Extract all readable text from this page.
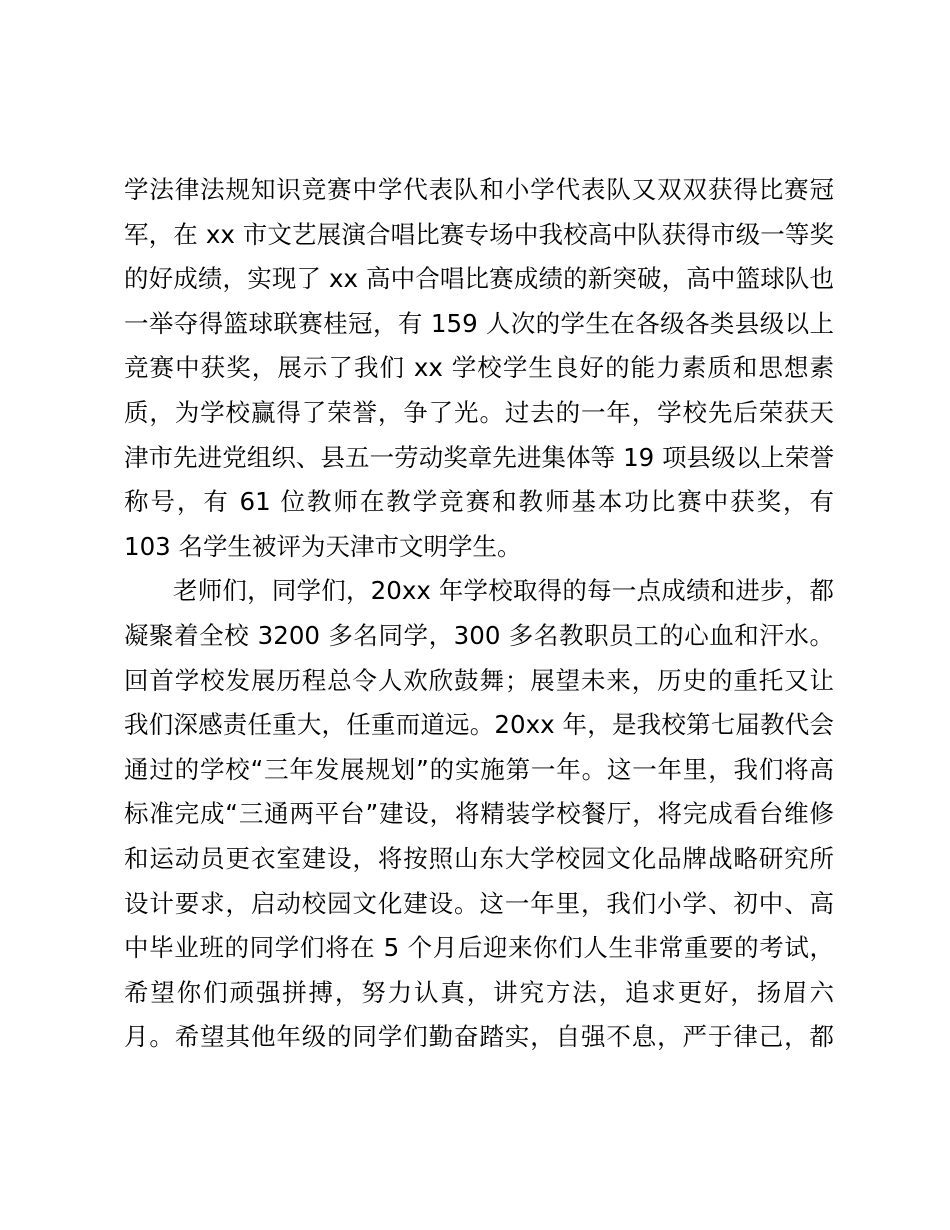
学法律法规知识竞赛中学代表队和小学代表队又双双获得比赛冠
军，在 xx 市文艺展演合唱比赛专场中我校高中队获得市级一等奖
的好成绩，实现了 xx 高中合唱比赛成绩的新突破，高中篮球队也
一举夺得篮球联赛桂冠，有 159 人次的学生在各级各类县级以上
竞赛中获奖，展示了我们 xx 学校学生良好的能力素质和思想素
质，为学校赢得了荣誉，争了光。过去的一年，学校先后荣获天
津市先进党组织、县五一劳动奖章先进集体等 19 项县级以上荣誉
称号，有 61 位教师在教学竞赛和教师基本功比赛中获奖，有
103 名学生被评为天津市文明学生。
老师们，同学们，20xx 年学校取得的每一点成绩和进步，都
凝聚着全校 3200 多名同学，300 多名教职员工的心血和汗水。
回首学校发展历程总令人欢欣鼓舞；展望未来，历史的重托又让
我们深感责任重大，任重而道远。20xx 年，是我校第七届教代会
通过的学校“三年发展规划”的实施第一年。这一年里，我们将高
标准完成“三通两平台”建设，将精装学校餐厅，将完成看台维修
和运动员更衣室建设，将按照山东大学校园文化品牌战略研究所
设计要求，启动校园文化建设。这一年里，我们小学、初中、高
中毕业班的同学们将在 5 个月后迎来你们人生非常重要的考试，
希望你们顽强拼搏，努力认真，讲究方法，追求更好，扬眉六
月。希望其他年级的同学们勤奋踏实，自强不息，严于律己，都
